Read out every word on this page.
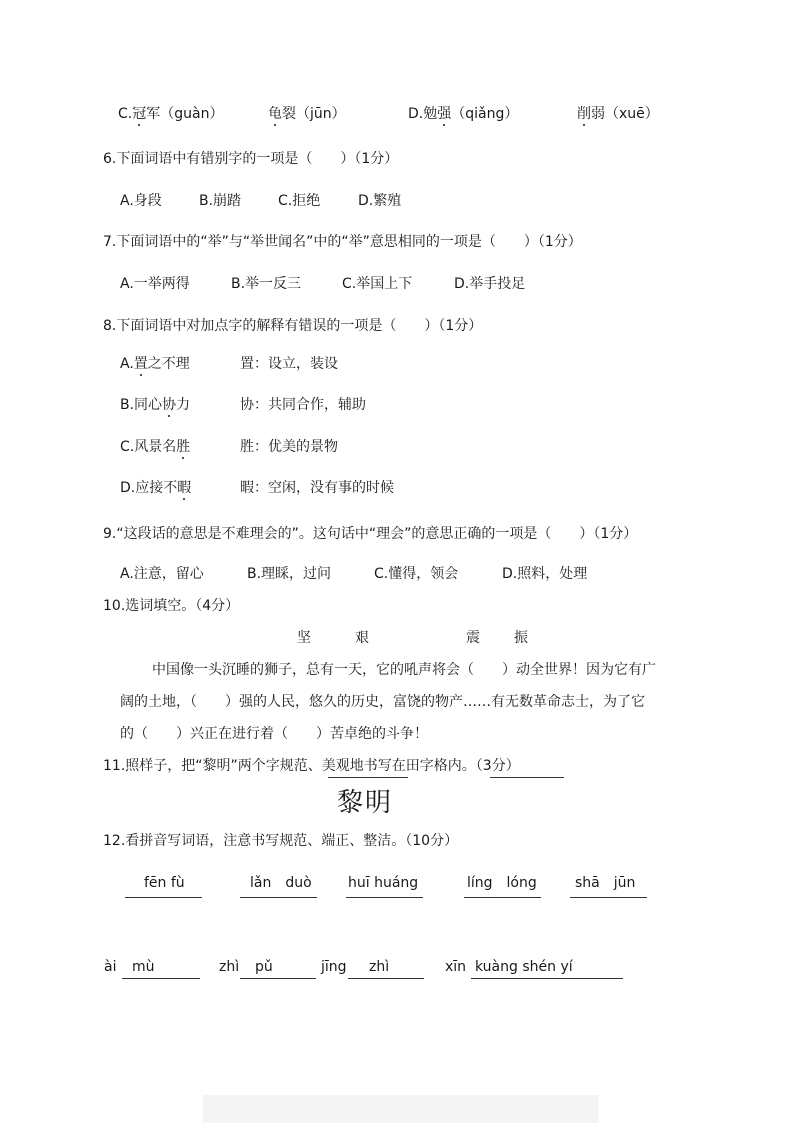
C.冠军（guàn）	龟裂（jūn）	D.勉强（qiǎng）	削弱（xuē）
6.下面词语中有错别字的一项是（　　）（1分）
A.身段	B.崩踏	C.拒绝	D.繁殖
7.下面词语中的“举”与“举世闻名”中的“举”意思相同的一项是（　　）（1分）
A.一举两得	B.举一反三	C.举国上下	D.举手投足
8.下面词语中对加点字的解释有错误的一项是（　　）（1分）
A.置之不理	置：设立，装设
B.同心协力	协：共同合作，辅助
C.风景名胜	胜：优美的景物
D.应接不暇	暇：空闲，没有事的时候
9.“这段话的意思是不难理会的”。这句话中“理会”的意思正确的一项是（　　）（1分）
A.注意，留心	B.理睬，过问	C.懂得，领会	D.照料，处理
10.选词填空。（4分）
坚	艰	震 振
中国像一头沉睡的狮子，总有一天，它的吼声将会（　　）动全世界！因为它有广
阔的土地，（　　）强的人民，悠久的历史，富饶的物产……有无数革命志士，为了它
的（　　）兴正在进行着（　　）苦卓绝的斗争！
11.照样子，把“黎明”两个字规范、美观地书写在田字格内。（3分）
黎明
12.看拼音写词语，注意书写规范、端正、整洁。（10分）
fēn fù	lǎn　duò	huī huáng	líng　lóng	shā　jūn
ài mù	zhì pǔ	jīng zhì	xīn kuàng shén yí
